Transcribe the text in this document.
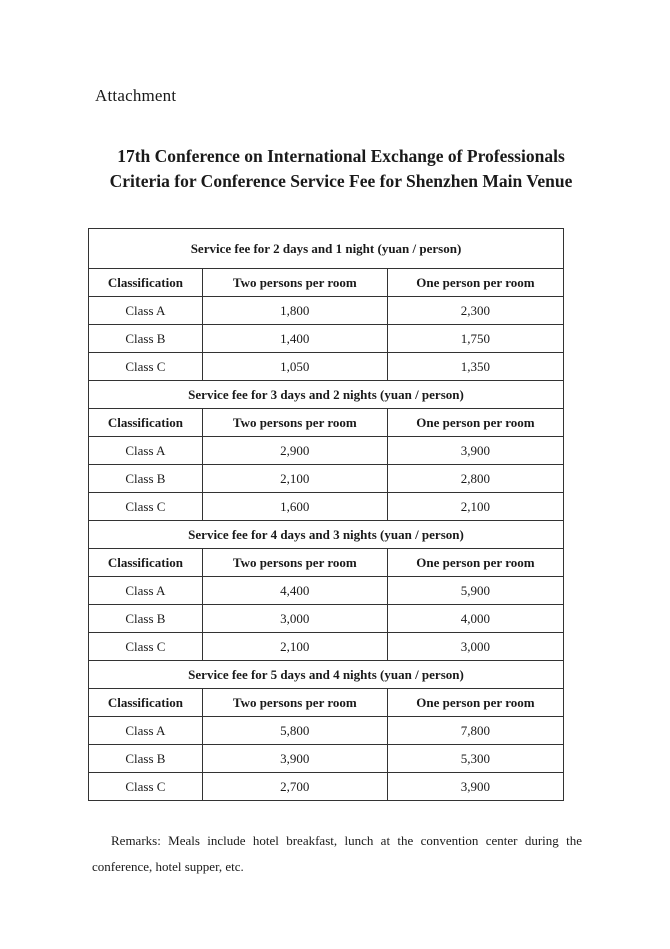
Attachment
17th Conference on International Exchange of Professionals
Criteria for Conference Service Fee for Shenzhen Main Venue
Service fee for 2 days and 1 night (yuan / person)		
Classification	Two persons per room	One person per room
Class A	1,800	2,300
Class B	1,400	1,750
Class C	1,050	1,350
Service fee for 3 days and 2 nights (yuan / person)		
Classification	Two persons per room	One person per room
Class A	2,900	3,900
Class B	2,100	2,800
Class C	1,600	2,100
Service fee for 4 days and 3 nights (yuan / person)		
Classification	Two persons per room	One person per room
Class A	4,400	5,900
Class B	3,000	4,000
Class C	2,100	3,000
Service fee for 5 days and 4 nights (yuan / person)		
Classification	Two persons per room	One person per room
Class A	5,800	7,800
Class B	3,900	5,300
Class C	2,700	3,900
Remarks: Meals include hotel breakfast, lunch at the convention center during the conference, hotel supper, etc.
